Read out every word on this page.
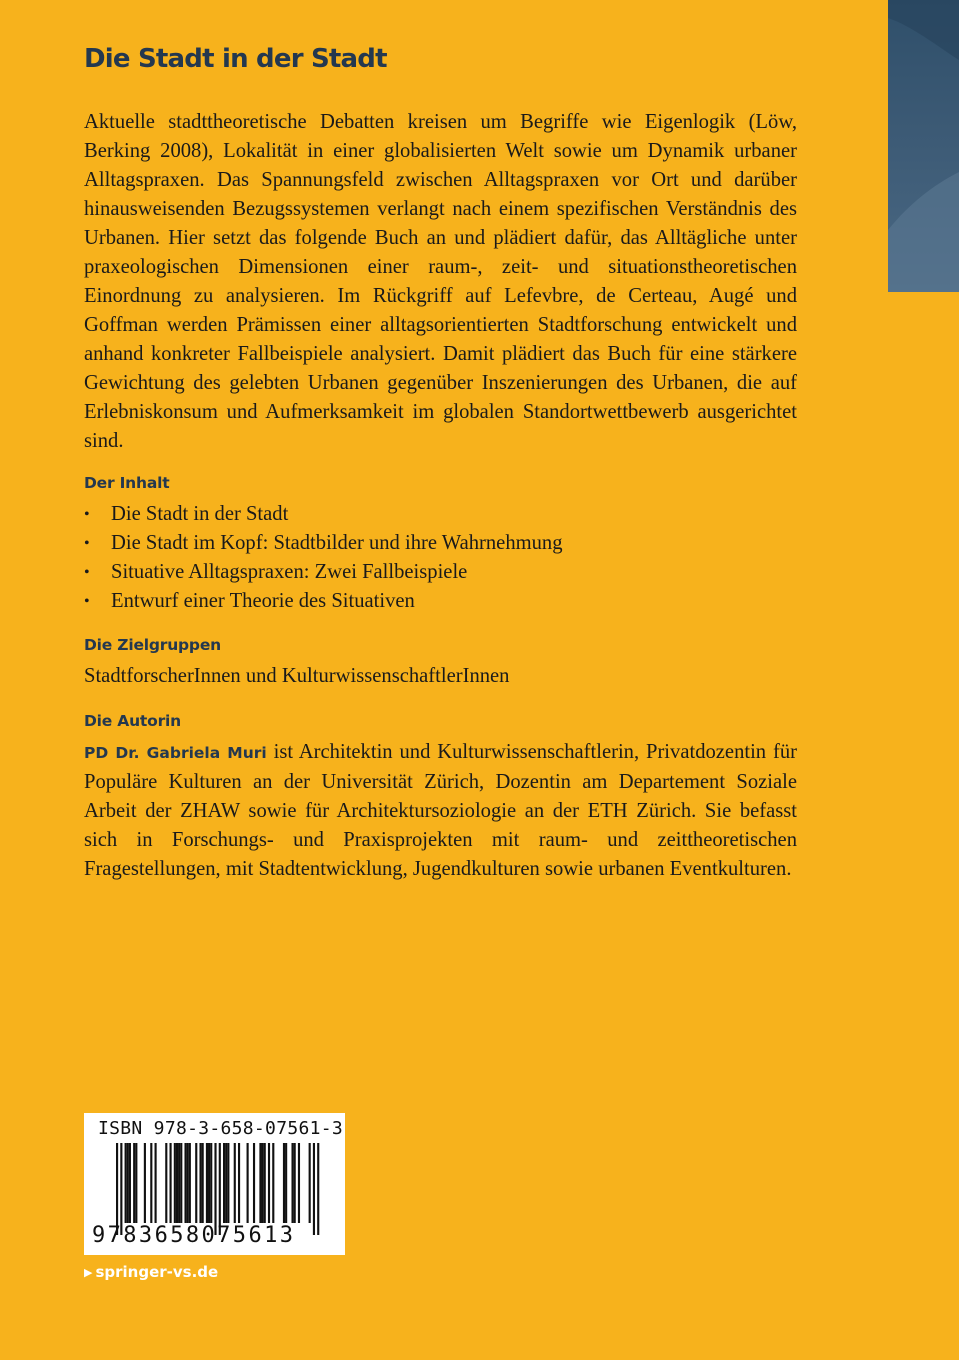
Die Stadt in der Stadt

Aktuelle stadttheoretische Debatten kreisen um Begriffe wie Eigenlogik (Löw, Berking 2008), Lokalität in einer globalisierten Welt sowie um Dynamik urbaner Alltagspraxen. Das Spannungsfeld zwischen Alltagspraxen vor Ort und darüber hinausweisenden Bezugssystemen verlangt nach einem spezifischen Verständnis des Urbanen. Hier setzt das folgende Buch an und plädiert dafür, das Alltägliche unter praxeologischen Dimensionen einer raum-, zeit- und situationstheoretischen Einordnung zu analysieren. Im Rückgriff auf Lefevbre, de Certeau, Augé und Goffman werden Prämissen einer alltagsorientierten Stadtforschung entwickelt und anhand konkreter Fallbeispiele analysiert. Damit plädiert das Buch für eine stärkere Gewichtung des gelebten Urbanen gegenüber Inszenierungen des Urbanen, die auf Erlebniskonsum und Aufmerksamkeit im globalen Standortwettbewerb ausgerichtet sind.

Der Inhalt
• Die Stadt in der Stadt
• Die Stadt im Kopf: Stadtbilder und ihre Wahrnehmung
• Situative Alltagspraxen: Zwei Fallbeispiele
• Entwurf einer Theorie des Situativen
Die Zielgruppen

StadtforscherInnen und KulturwissenschaftlerInnen

Die Autorin

PD Dr. Gabriela Muri ist Architektin und Kulturwissenschaftlerin, Privatdozentin für Populäre Kulturen an der Universität Zürich, Dozentin am Departement Soziale Arbeit der ZHAW sowie für Architektursoziologie an der ETH Zürich. Sie befasst sich in Forschungs- und Praxisprojekten mit raum- und zeittheoretischen Fragestellungen, mit Stadtentwicklung, Jugendkulturen sowie urbanen Eventkulturen.

ISBN 978-3-658-07561-3
9783658075613
▶ springer-vs.de
